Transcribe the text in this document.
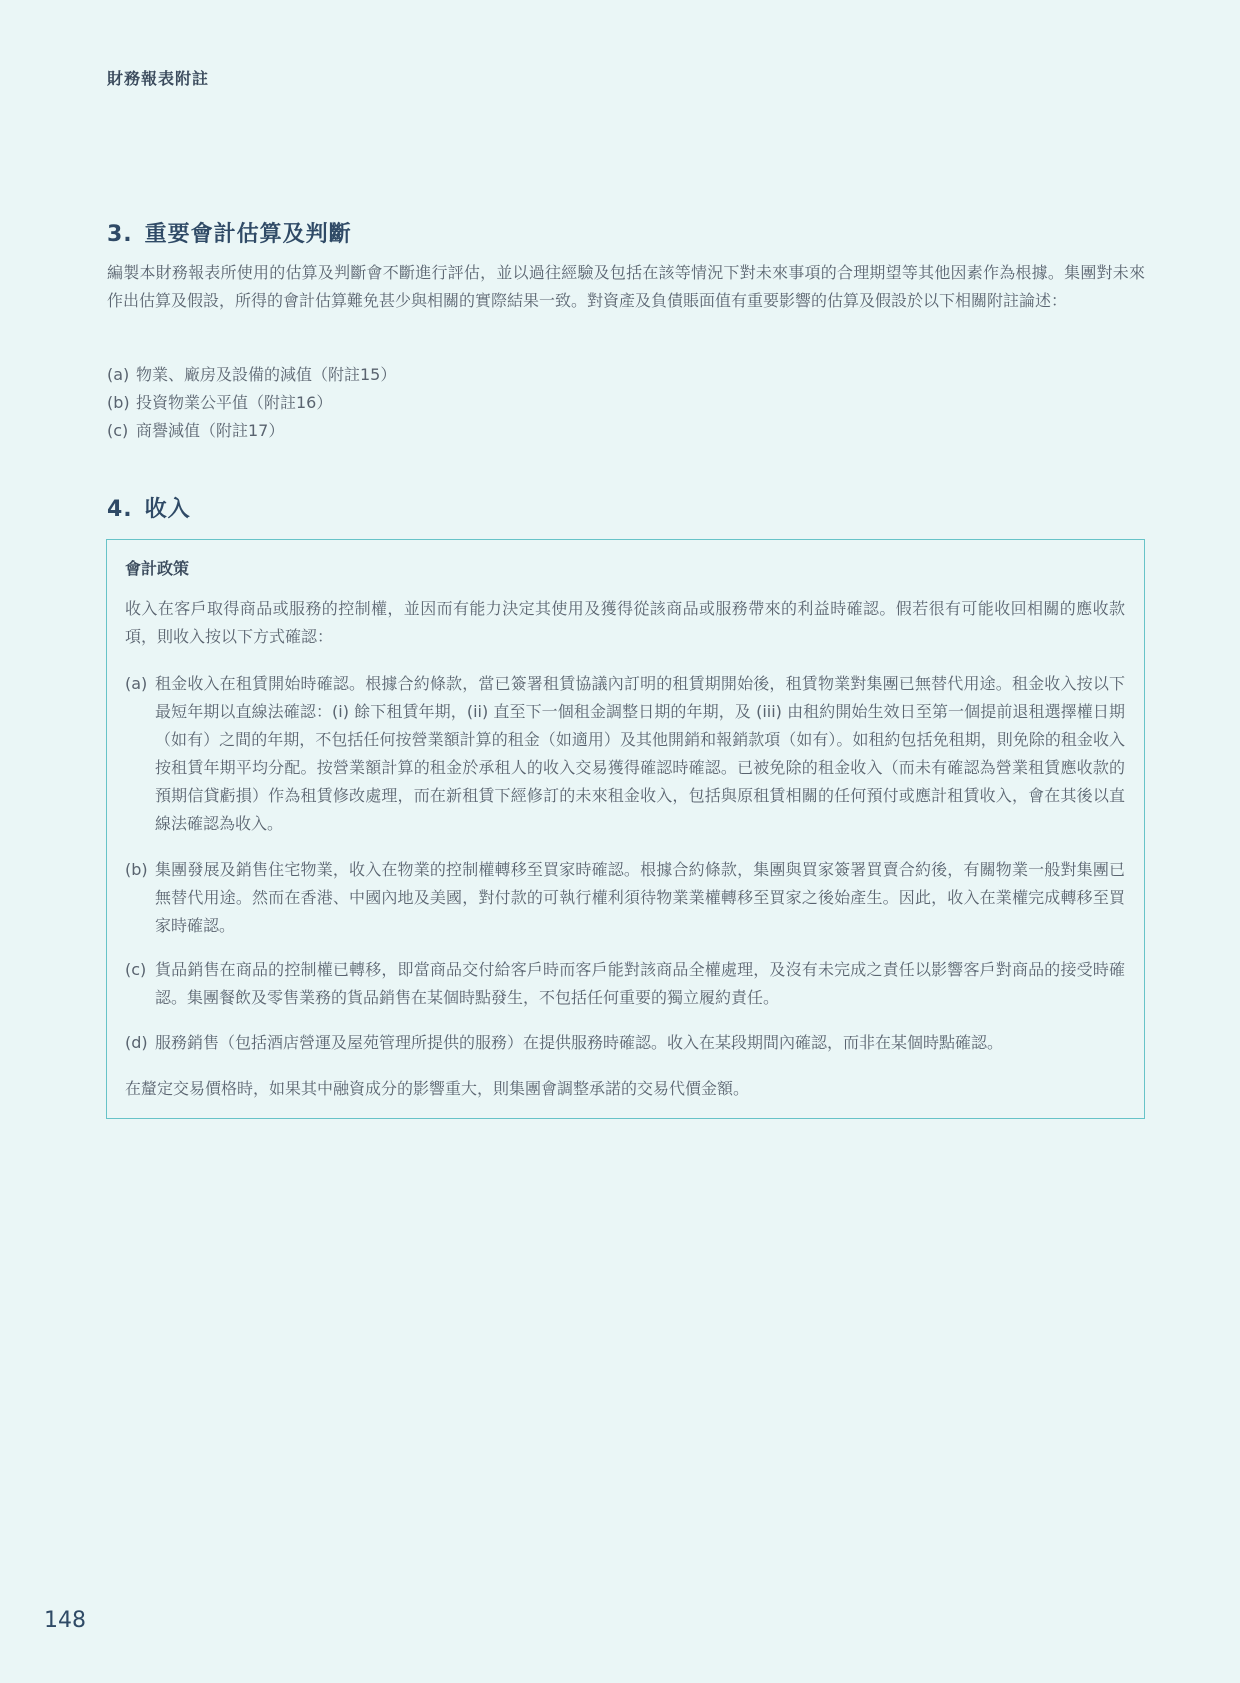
財務報表附註
3. 重要會計估算及判斷

編製本財務報表所使用的估算及判斷會不斷進行評估，並以過往經驗及包括在該等情況下對未來事項的合理期望等其他因素作為根據。集團對未來作出估算及假設，所得的會計估算難免甚少與相關的實際結果一致。對資產及負債賬面值有重要影響的估算及假設於以下相關附註論述：

(a) 物業、廠房及設備的減值（附註15）
(b) 投資物業公平值（附註16）
(c) 商譽減值（附註17）
4. 收入
會計政策

收入在客戶取得商品或服務的控制權，並因而有能力決定其使用及獲得從該商品或服務帶來的利益時確認。假若很有可能收回相關的應收款項，則收入按以下方式確認：

(a) 租金收入在租賃開始時確認。根據合約條款，當已簽署租賃協議內訂明的租賃期開始後，租賃物業對集團已無替代用途。租金收入按以下最短年期以直線法確認：(i) 餘下租賃年期，(ii) 直至下一個租金調整日期的年期，及 (iii) 由租約開始生效日至第一個提前退租選擇權日期（如有）之間的年期，不包括任何按營業額計算的租金（如適用）及其他開銷和報銷款項（如有）。如租約包括免租期，則免除的租金收入按租賃年期平均分配。按營業額計算的租金於承租人的收入交易獲得確認時確認。已被免除的租金收入（而未有確認為營業租賃應收款的預期信貸虧損）作為租賃修改處理，而在新租賃下經修訂的未來租金收入，包括與原租賃相關的任何預付或應計租賃收入，會在其後以直線法確認為收入。
(b) 集團發展及銷售住宅物業，收入在物業的控制權轉移至買家時確認。根據合約條款，集團與買家簽署買賣合約後，有關物業一般對集團已無替代用途。然而在香港、中國內地及美國，對付款的可執行權利須待物業業權轉移至買家之後始產生。因此，收入在業權完成轉移至買家時確認。
(c) 貨品銷售在商品的控制權已轉移，即當商品交付給客戶時而客戶能對該商品全權處理，及沒有未完成之責任以影響客戶對商品的接受時確認。集團餐飲及零售業務的貨品銷售在某個時點發生，不包括任何重要的獨立履約責任。
(d) 服務銷售（包括酒店營運及屋苑管理所提供的服務）在提供服務時確認。收入在某段期間內確認，而非在某個時點確認。

在釐定交易價格時，如果其中融資成分的影響重大，則集團會調整承諾的交易代價金額。

148
